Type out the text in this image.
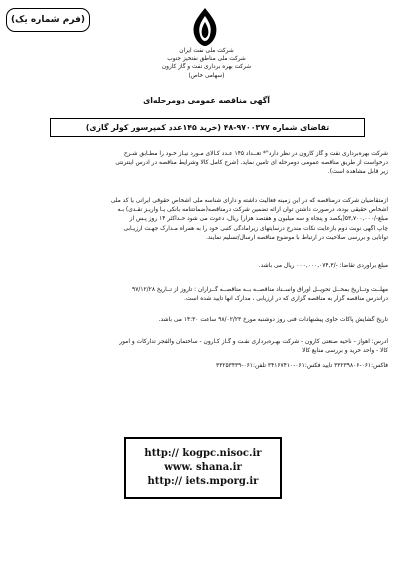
(فرم شماره یک)
شرکت ملی نفت ایران
شرکت ملی مناطق نفتخیز جنوب
شرکت بهره برداری نفت و گاز کارون
(سهامی خاص)
آگهی مناقصه عمومی دومرحله‌ای
تقاضای شماره ۹۷۰۰۳۷۷-۴۸ (خرید ۱۴۵عدد کمپرسور کولر گازی)
شرکت بهره‌برداری نفت و گاز کارون در نظر دارد"* تعــداد ۱۴۵ عـدد کـالای مـورد نیـاز خـود را مطـابق شـرح
درخواست از طریق مناقصه عمومی دومرحله ای تامین نماید. (شرح کامل کالا وشرایط مناقصه در آدرس اینترنتی
زیر قابل مشاهده است).
ازمتقاضیان شرکت درمناقصه که در این زمینه فعالیت داشته و دارای شناسه ملی اشخاص حقوقی ایرانی یا کد ملی
اشخاص حقیقی بوده، درصورت داشتن توان ارائه تضمین شرکت درمناقصه(ضمانتنامه بانکی یـا واریـز نقـدی) بـه
مبلغ-/۵۳,۷۰۰,۰۰۰(یکصد و پنجاه و سه میلیون و هفتصد هزار) ریال، دعوت می شود حـداکثر ۱۴ روز پـس از
چاپ آگهی نوبت دوم بازعایت نکات مندرج درسایتهای زیرآمادگی کتبی خود را به همراه مـدارک جهـت ارزیـابی
توانایی و بررسی صلاحیت در ارتباط با موضوع مناقصه ارسال/تسلیم نمایند.
مبلغ برآوردی تقاضا: -/۰۰۰,۰۰۰,۰۷۴,۳ ریال می باشد.
مهلــت وتــاریخ بمحــل تحویــل اوراق واســناد مناقصــه بــه مناقصــه گــزاران : تاروز از تــاریخ ۹۷/۱۲/۲۸
دراندرس مناقصه گزار به مناقصه گزاری که در ارزیابی ، مدارک انها تایید شده است.
تاریخ گشایش پاکات حاوی پیشنهادات فنی روز دوشنبه مورخ ۹۸/۰۲/۲۳ ساعت ۱۴:۳۰ می باشد.
آدرس: اهواز - ناحیه صنعتی کارون - شرکت بهـره‌برداری نفـت و گـاز کـارون - ساختمان والفجر تدارکات و امور
کالا - واحد خرید و بررسی منابع کالا
فاکس:۰۶۱-۳۳۲۳۹۸۰۶ تایید فکس:۰۶۱-۳۴۱۶۷۴۱۰ تلفن:۰۶۱-۳۳۲۵۳۴۳۹
http:// kogpc.nisoc.ir
www. shana.ir
http:// iets.mporg.ir
